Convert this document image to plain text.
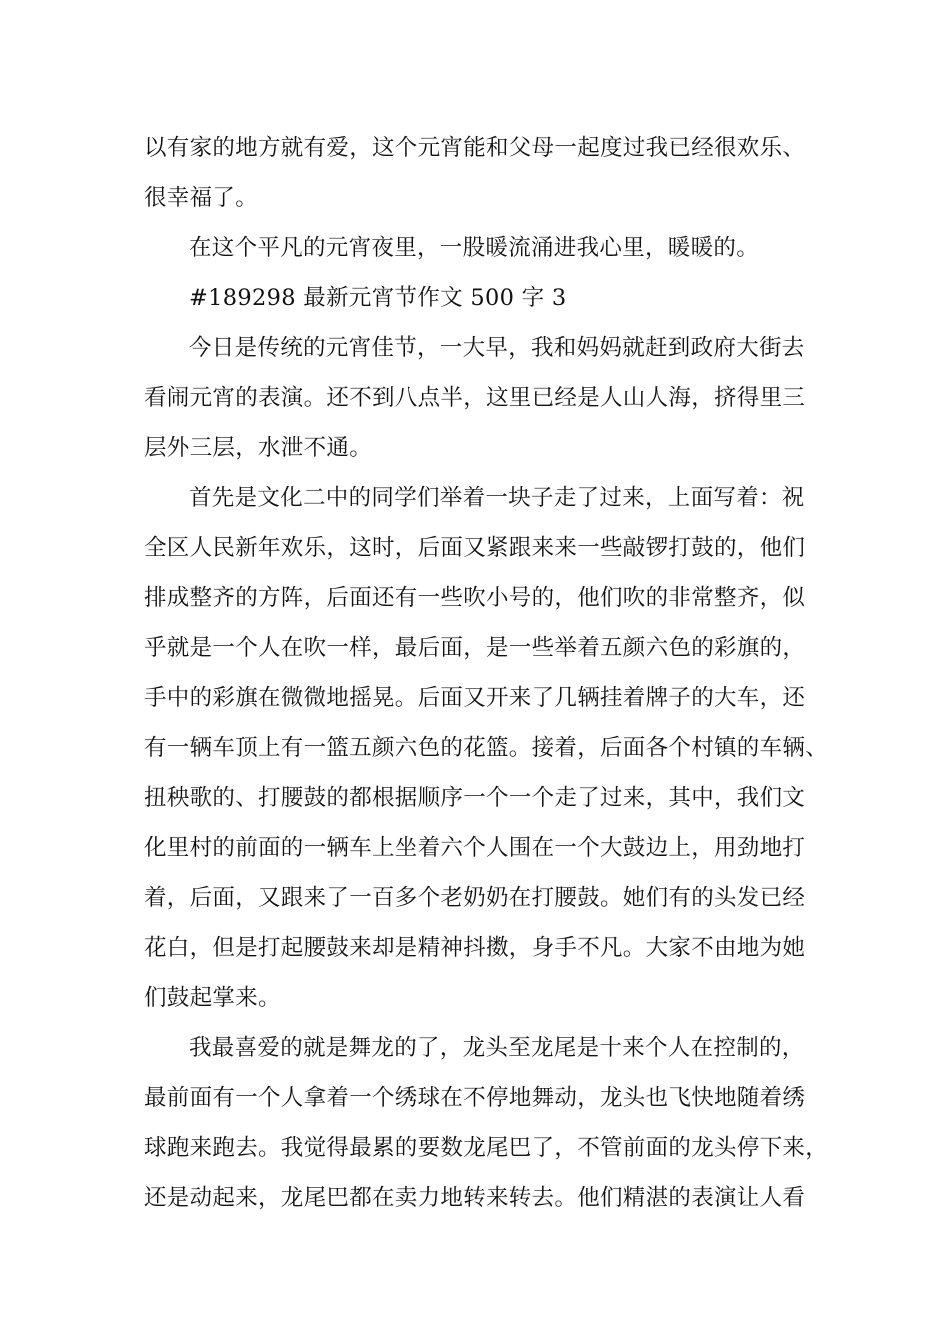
以有家的地方就有爱，这个元宵能和父母一起度过我已经很欢乐、
很幸福了。
在这个平凡的元宵夜里，一股暖流涌进我心里，暖暖的。
#189298 最新元宵节作文 500 字 3
今日是传统的元宵佳节，一大早，我和妈妈就赶到政府大街去
看闹元宵的表演。还不到八点半，这里已经是人山人海，挤得里三
层外三层，水泄不通。
首先是文化二中的同学们举着一块子走了过来，上面写着：祝
全区人民新年欢乐，这时，后面又紧跟来来一些敲锣打鼓的，他们
排成整齐的方阵，后面还有一些吹小号的，他们吹的非常整齐，似
乎就是一个人在吹一样，最后面，是一些举着五颜六色的彩旗的，
手中的彩旗在微微地摇晃。后面又开来了几辆挂着牌子的大车，还
有一辆车顶上有一篮五颜六色的花篮。接着，后面各个村镇的车辆、
扭秧歌的、打腰鼓的都根据顺序一个一个走了过来，其中，我们文
化里村的前面的一辆车上坐着六个人围在一个大鼓边上，用劲地打
着，后面，又跟来了一百多个老奶奶在打腰鼓。她们有的头发已经
花白，但是打起腰鼓来却是精神抖擞，身手不凡。大家不由地为她
们鼓起掌来。
我最喜爱的就是舞龙的了，龙头至龙尾是十来个人在控制的，
最前面有一个人拿着一个绣球在不停地舞动，龙头也飞快地随着绣
球跑来跑去。我觉得最累的要数龙尾巴了，不管前面的龙头停下来，
还是动起来，龙尾巴都在卖力地转来转去。他们精湛的表演让人看
